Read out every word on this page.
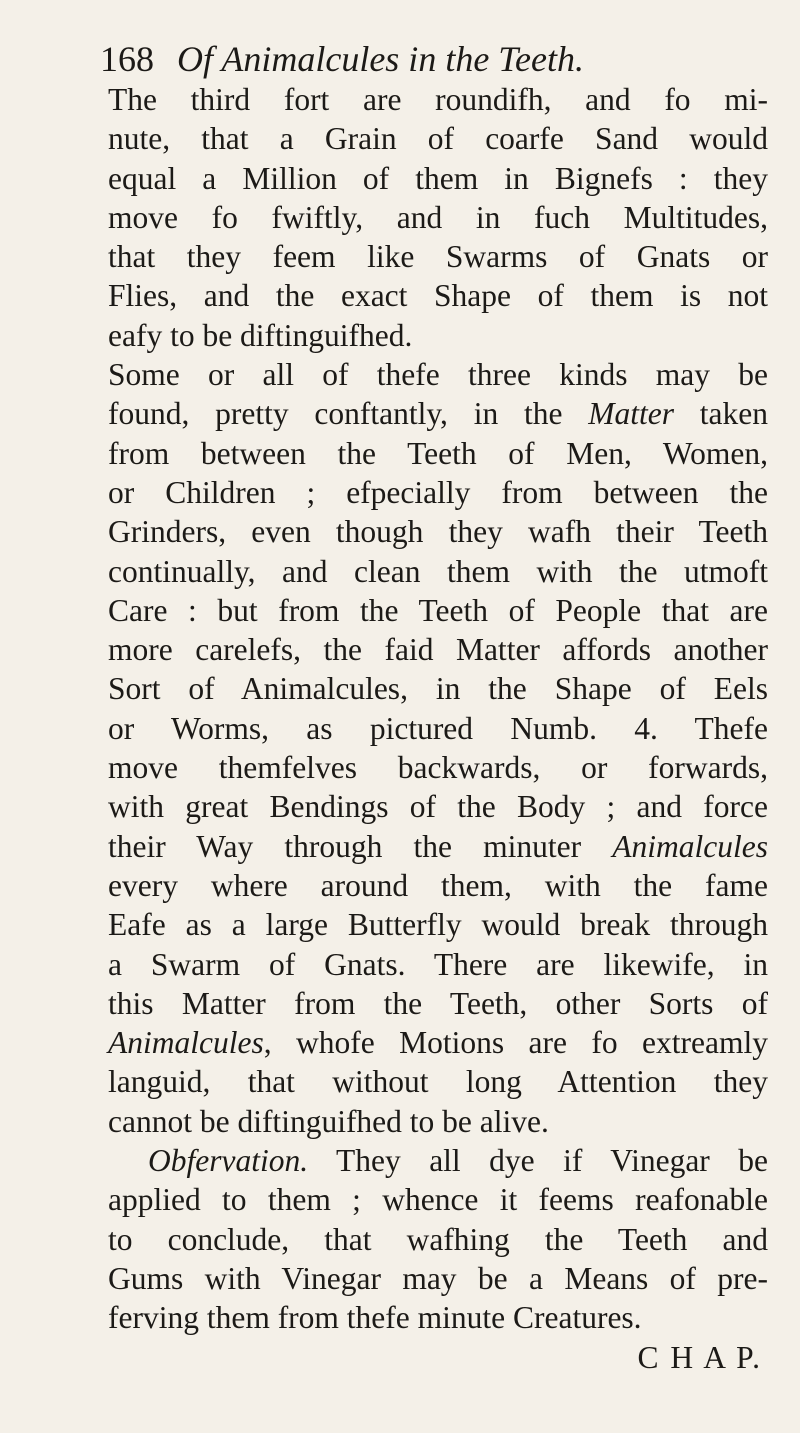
168 Of Animalcules in the Teeth.
The third fort are roundifh, and fo mi-
nute, that a Grain of coarfe Sand would
equal a Million of them in Bignefs : they
move fo fwiftly, and in fuch Multitudes,
that they feem like Swarms of Gnats or
Flies, and the exact Shape of them is not
eafy to be diftinguifhed.
Some or all of thefe three kinds may be
found, pretty conftantly, in the Matter taken
from between the Teeth of Men, Women,
or Children ; efpecially from between the
Grinders, even though they wafh their Teeth
continually, and clean them with the utmoft
Care : but from the Teeth of People that are
more carelefs, the faid Matter affords another
Sort of Animalcules, in the Shape of Eels
or Worms, as pictured Numb. 4. Thefe
move themfelves backwards, or forwards,
with great Bendings of the Body ; and force
their Way through the minuter Animalcules
every where around them, with the fame
Eafe as a large Butterfly would break through
a Swarm of Gnats. There are likewife, in
this Matter from the Teeth, other Sorts of
Animalcules, whofe Motions are fo extreamly
languid, that without long Attention they
cannot be diftinguifhed to be alive.
Obfervation. They all dye if Vinegar be
applied to them ; whence it feems reafonable
to conclude, that wafhing the Teeth and
Gums with Vinegar may be a Means of pre-
ferving them from thefe minute Creatures.
C H A P.
